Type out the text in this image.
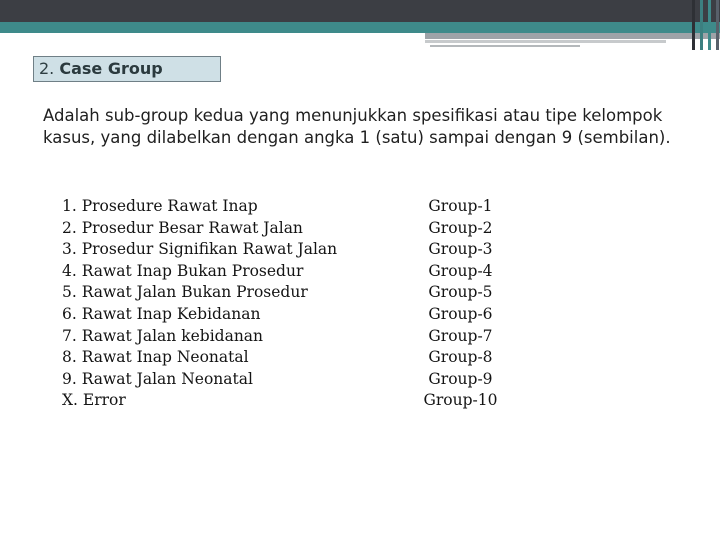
2. Case Group
Adalah sub-group kedua yang menunjukkan spesifikasi atau tipe kelompok kasus, yang dilabelkan dengan angka 1 (satu) sampai dengan 9 (sembilan).
1. Prosedure Rawat Inap	Group-1
2. Prosedur Besar Rawat Jalan	Group-2
3. Prosedur Signifikan Rawat Jalan	Group-3
4. Rawat Inap Bukan Prosedur	Group-4
5. Rawat Jalan Bukan Prosedur	Group-5
6. Rawat Inap Kebidanan	Group-6
7. Rawat Jalan kebidanan	Group-7
8. Rawat Inap Neonatal	Group-8
9. Rawat Jalan Neonatal	Group-9
X. Error	Group-10
